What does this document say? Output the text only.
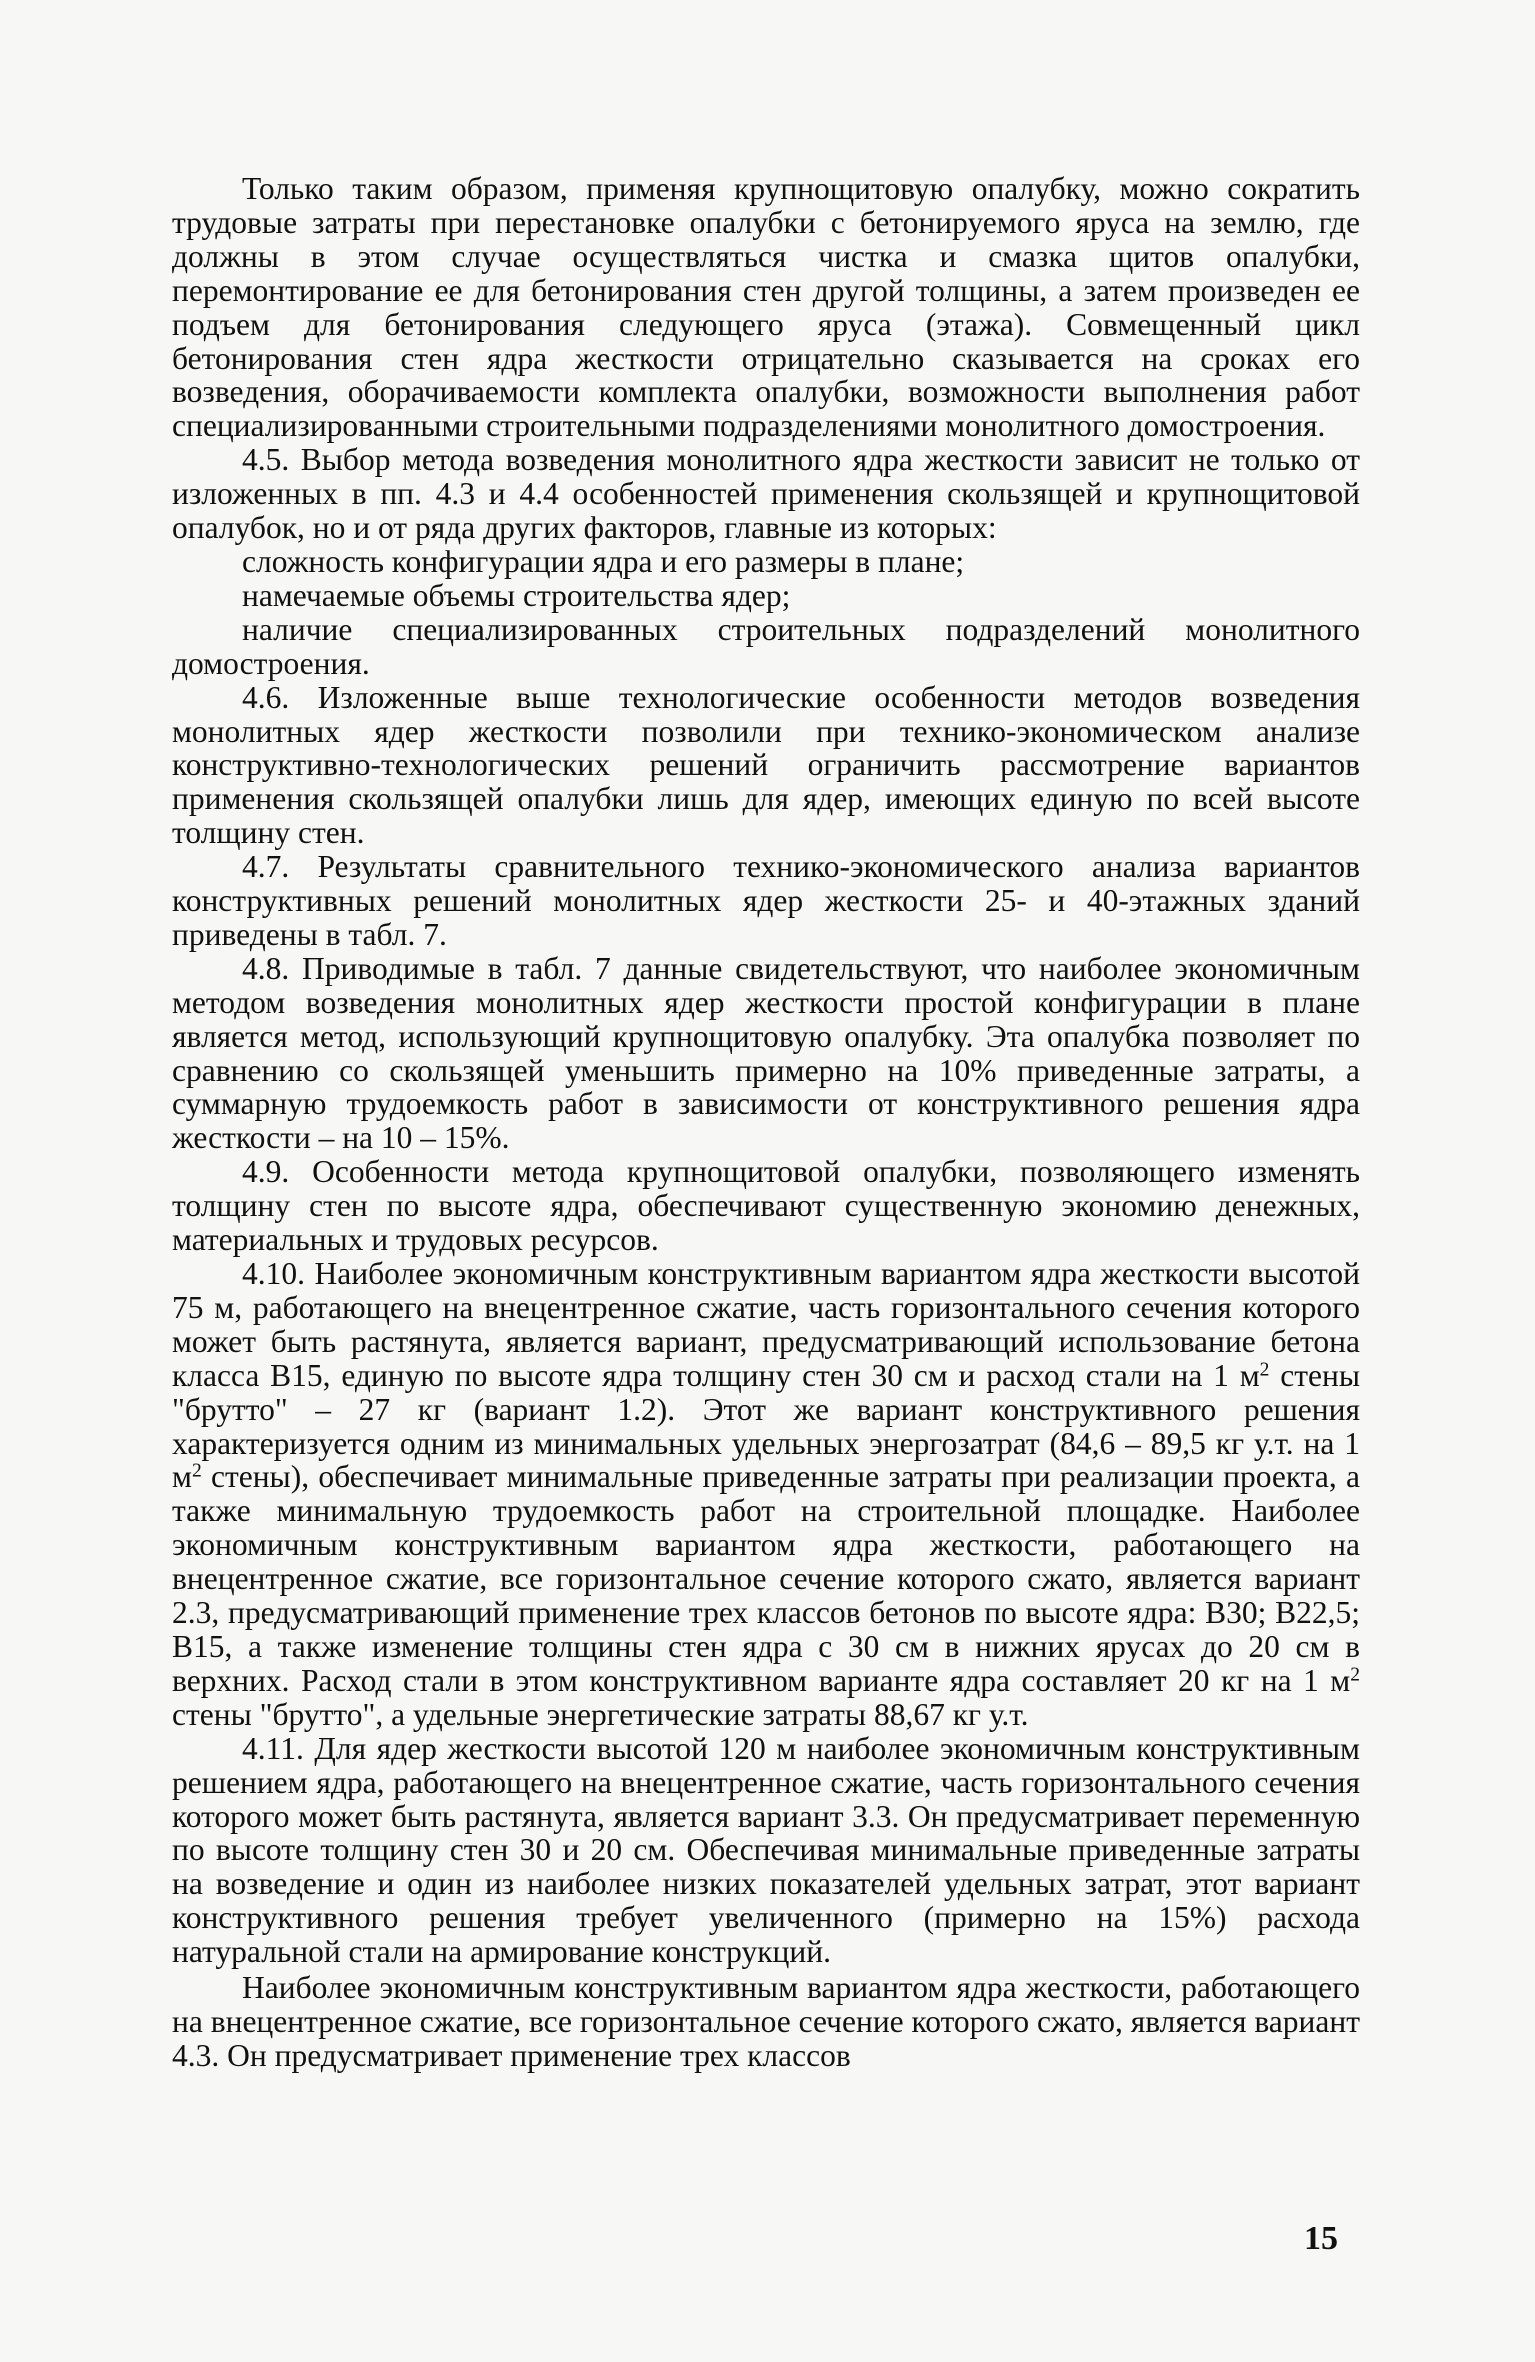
Только таким образом, применяя крупнощитовую опалубку, можно сократить трудовые затраты при перестановке опалубки с бетонируемого яруса на землю, где должны в этом случае осуществляться чистка и смазка щитов опалубки, перемонтирование ее для бетонирования стен другой толщины, а затем произведен ее подъем для бетонирования следующего яруса (этажа). Совмещенный цикл бетонирования стен ядра жесткости отрицательно сказывается на сроках его возведения, оборачиваемости комплекта опалубки, возможности выполнения работ специализированными строительными подразделениями монолитного домостроения.

4.5. Выбор метода возведения монолитного ядра жесткости зависит не только от изложенных в пп. 4.3 и 4.4 особенностей применения скользящей и крупнощитовой опалубок, но и от ряда других факторов, главные из которых:

сложность конфигурации ядра и его размеры в плане;

намечаемые объемы строительства ядер;

наличие специализированных строительных подразделений монолитного домостроения.

4.6. Изложенные выше технологические особенности методов возведения монолитных ядер жесткости позволили при технико-экономическом анализе конструктивно-технологических решений ограничить рассмотрение вариантов применения скользящей опалубки лишь для ядер, имеющих единую по всей высоте толщину стен.

4.7. Результаты сравнительного технико-экономического анализа вариантов конструктивных решений монолитных ядер жесткости 25- и 40-этажных зданий приведены в табл. 7.

4.8. Приводимые в табл. 7 данные свидетельствуют, что наиболее экономичным методом возведения монолитных ядер жесткости простой конфигурации в плане является метод, использующий крупнощитовую опалубку. Эта опалубка позволяет по сравнению со скользящей уменьшить примерно на 10% приведенные затраты, а суммарную трудоемкость работ в зависимости от конструктивного решения ядра жесткости – на 10 – 15%.

4.9. Особенности метода крупнощитовой опалубки, позволяющего изменять толщину стен по высоте ядра, обеспечивают существенную экономию денежных, материальных и трудовых ресурсов.

4.10. Наиболее экономичным конструктивным вариантом ядра жесткости высотой 75 м, работающего на внецентренное сжатие, часть горизонтального сечения которого может быть растянута, является вариант, предусматривающий использование бетона класса В15, единую по высоте ядра толщину стен 30 см и расход стали на 1 $м^2$ стены "брутто" – 27 кг (вариант 1.2). Этот же вариант конструктивного решения характеризуется одним из минимальных удельных энергозатрат (84,6 – 89,5 кг у.т. на 1 $м^2$ стены), обеспечивает минимальные приведенные затраты при реализации проекта, а также минимальную трудоемкость работ на строительной площадке. Наиболее экономичным конструктивным вариантом ядра жесткости, работающего на внецентренное сжатие, все горизонтальное сечение которого сжато, является вариант 2.3, предусматривающий применение трех классов бетонов по высоте ядра: В30; В22,5; В15, а также изменение толщины стен ядра с 30 см в нижних ярусах до 20 см в верхних. Расход стали в этом конструктивном варианте ядра составляет 20 кг на 1 $м^2$ стены "брутто", а удельные энергетические затраты 88,67 кг у.т.

4.11. Для ядер жесткости высотой 120 м наиболее экономичным конструктивным решением ядра, работающего на внецентренное сжатие, часть горизонтального сечения которого может быть растянута, является вариант 3.3. Он предусматривает переменную по высоте толщину стен 30 и 20 см. Обеспечивая минимальные приведенные затраты на возведение и один из наиболее низких показателей удельных затрат, этот вариант конструктивного решения требует увеличенного (примерно на 15%) расхода натуральной стали на армирование конструкций.

Наиболее экономичным конструктивным вариантом ядра жесткости, работающего на внецентренное сжатие, все горизонтальное сечение которого сжато, является вариант 4.3. Он предусматривает применение трех классов

15
